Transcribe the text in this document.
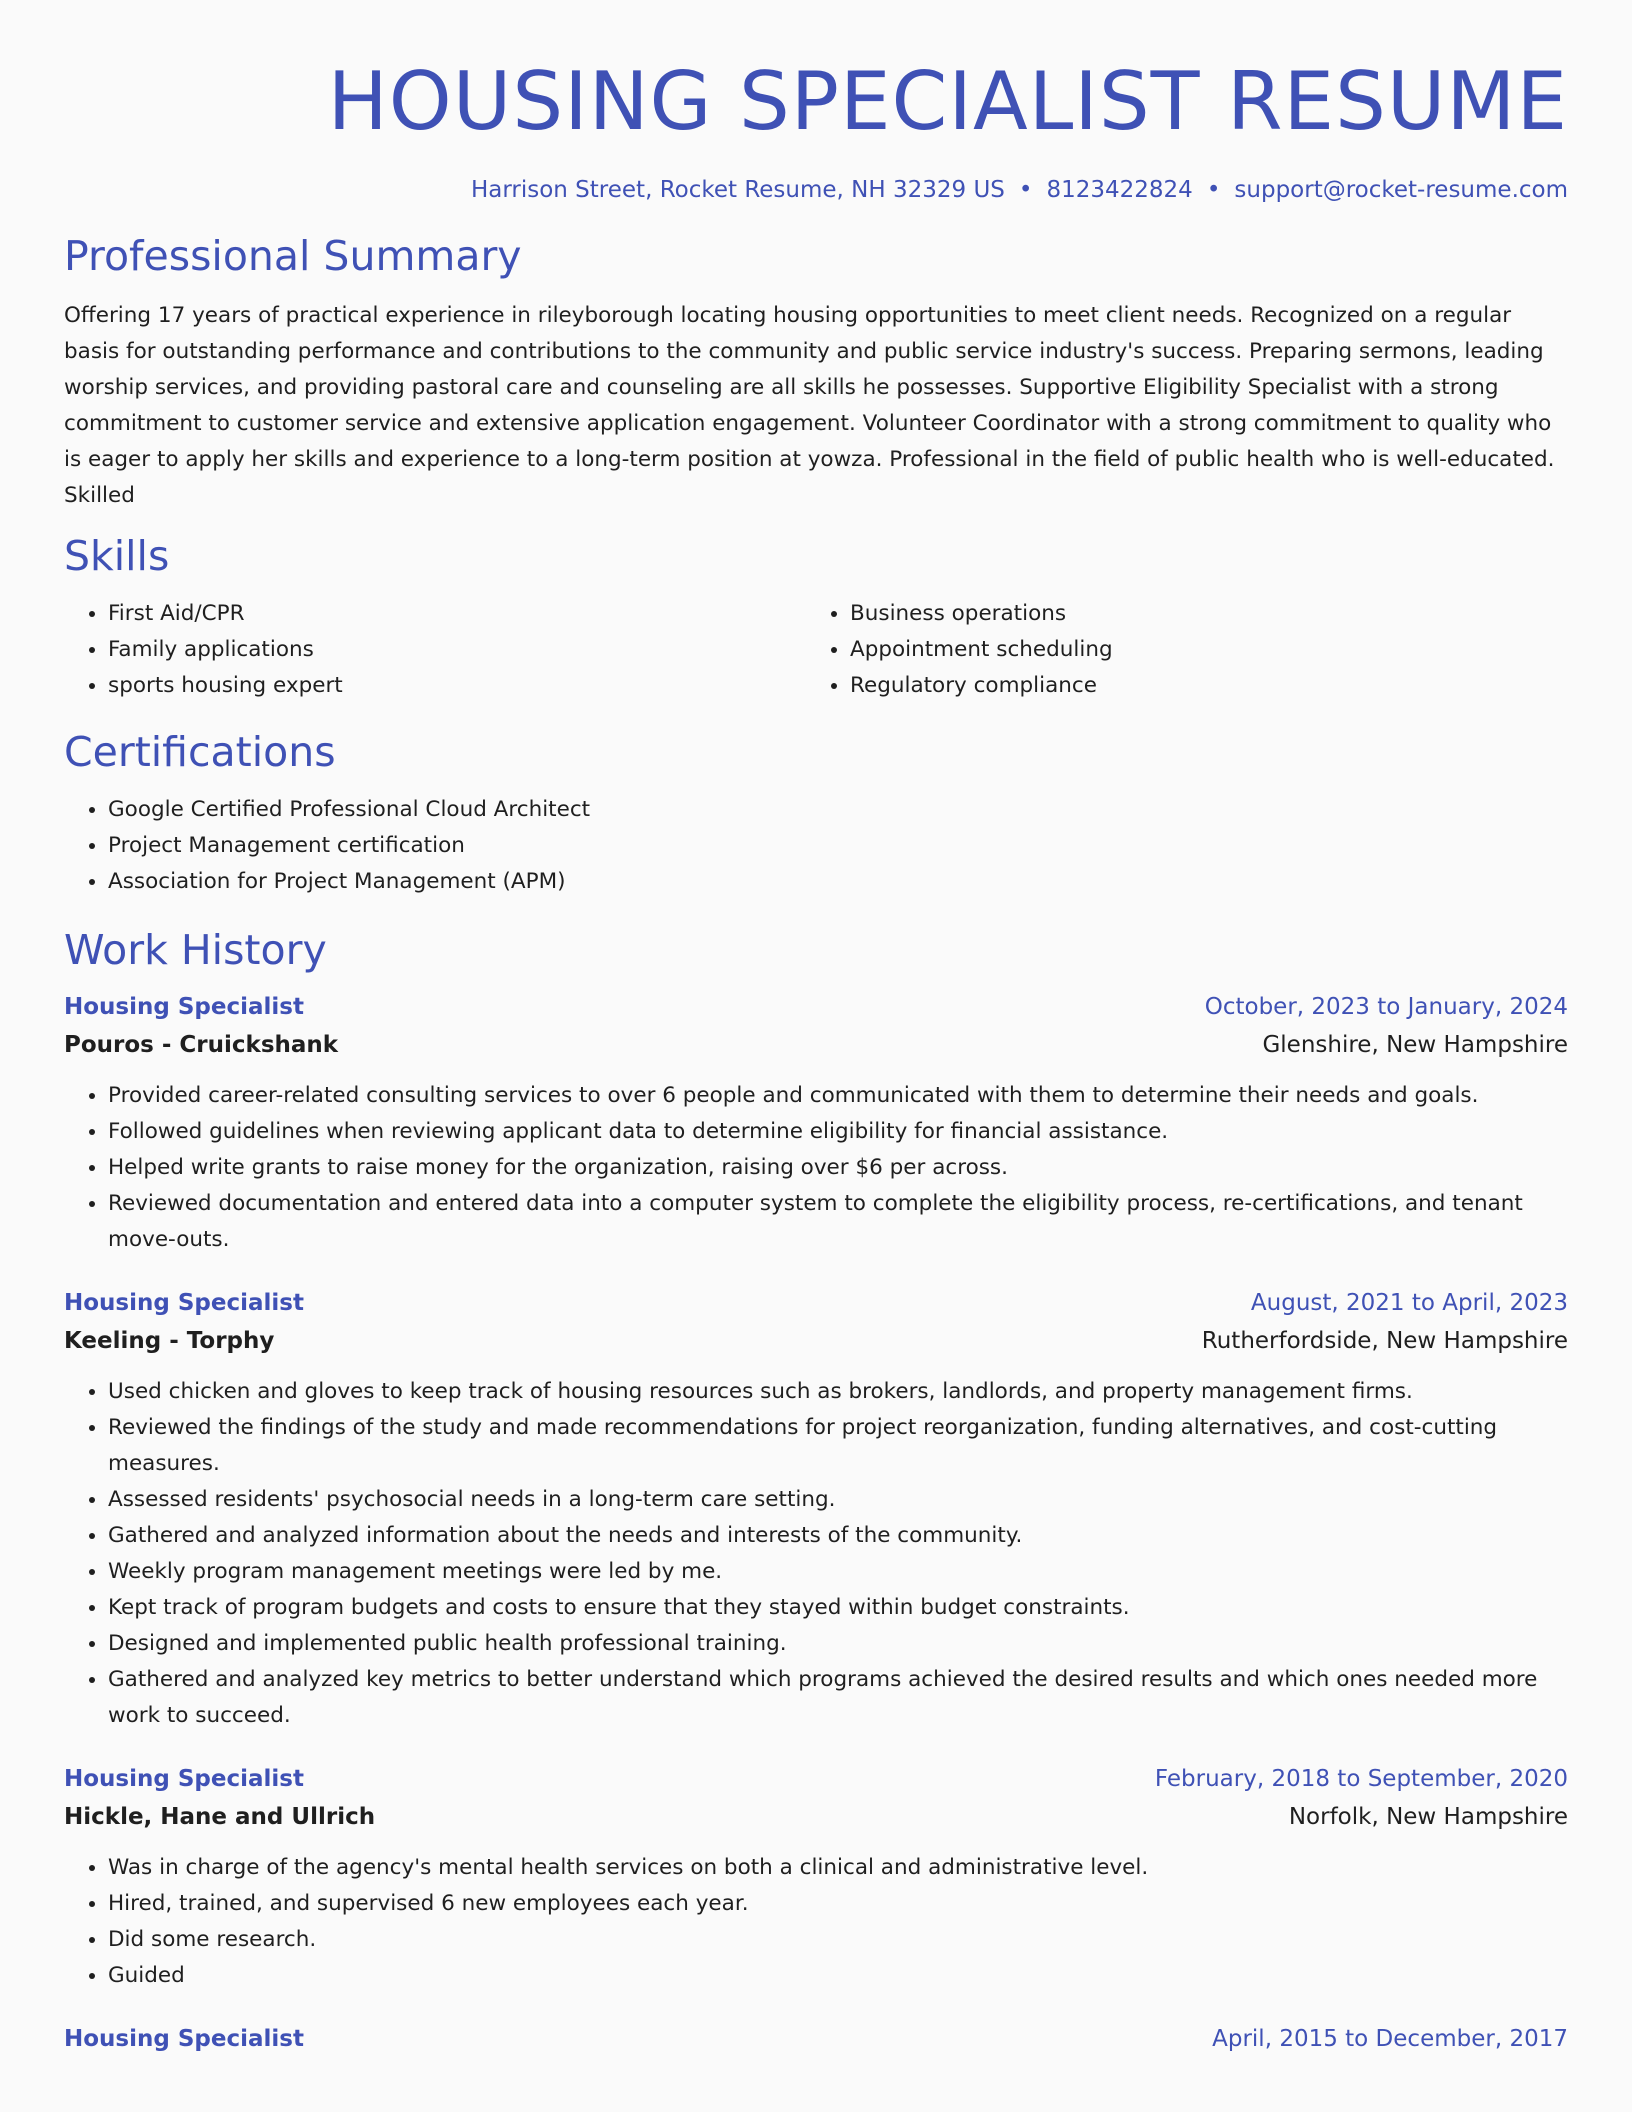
HOUSING SPECIALIST RESUME
Harrison Street, Rocket Resume, NH 32329 US • 8123422824 • support@rocket-resume.com
Professional Summary

Offering 17 years of practical experience in rileyborough locating housing opportunities to meet client needs. Recognized on a regular basis for outstanding performance and contributions to the community and public service industry's success. Preparing sermons, leading worship services, and providing pastoral care and counseling are all skills he possesses. Supportive Eligibility Specialist with a strong commitment to customer service and extensive application engagement. Volunteer Coordinator with a strong commitment to quality who is eager to apply her skills and experience to a long-term position at yowza. Professional in the field of public health who is well-educated. Skilled

Skills
• First Aid/CPR
• Family applications
• sports housing expert
• Business operations
• Appointment scheduling
• Regulatory compliance
Certifications
• Google Certified Professional Cloud Architect
• Project Management certification
• Association for Project Management (APM)
Work History
Housing Specialist	October, 2023 to January, 2024
Pouros - Cruickshank	Glenshire, New Hampshire
• Provided career-related consulting services to over 6 people and communicated with them to determine their needs and goals.
• Followed guidelines when reviewing applicant data to determine eligibility for financial assistance.
• Helped write grants to raise money for the organization, raising over $6 per across.
• Reviewed documentation and entered data into a computer system to complete the eligibility process, re-certifications, and tenant move-outs.
Housing Specialist	August, 2021 to April, 2023
Keeling - Torphy	Rutherfordside, New Hampshire
• Used chicken and gloves to keep track of housing resources such as brokers, landlords, and property management firms.
• Reviewed the findings of the study and made recommendations for project reorganization, funding alternatives, and cost-cutting measures.
• Assessed residents' psychosocial needs in a long-term care setting.
• Gathered and analyzed information about the needs and interests of the community.
• Weekly program management meetings were led by me.
• Kept track of program budgets and costs to ensure that they stayed within budget constraints.
• Designed and implemented public health professional training.
• Gathered and analyzed key metrics to better understand which programs achieved the desired results and which ones needed more work to succeed.
Housing Specialist	February, 2018 to September, 2020
Hickle, Hane and Ullrich	Norfolk, New Hampshire
• Was in charge of the agency's mental health services on both a clinical and administrative level.
• Hired, trained, and supervised 6 new employees each year.
• Did some research.
• Guided
Housing Specialist	April, 2015 to December, 2017
